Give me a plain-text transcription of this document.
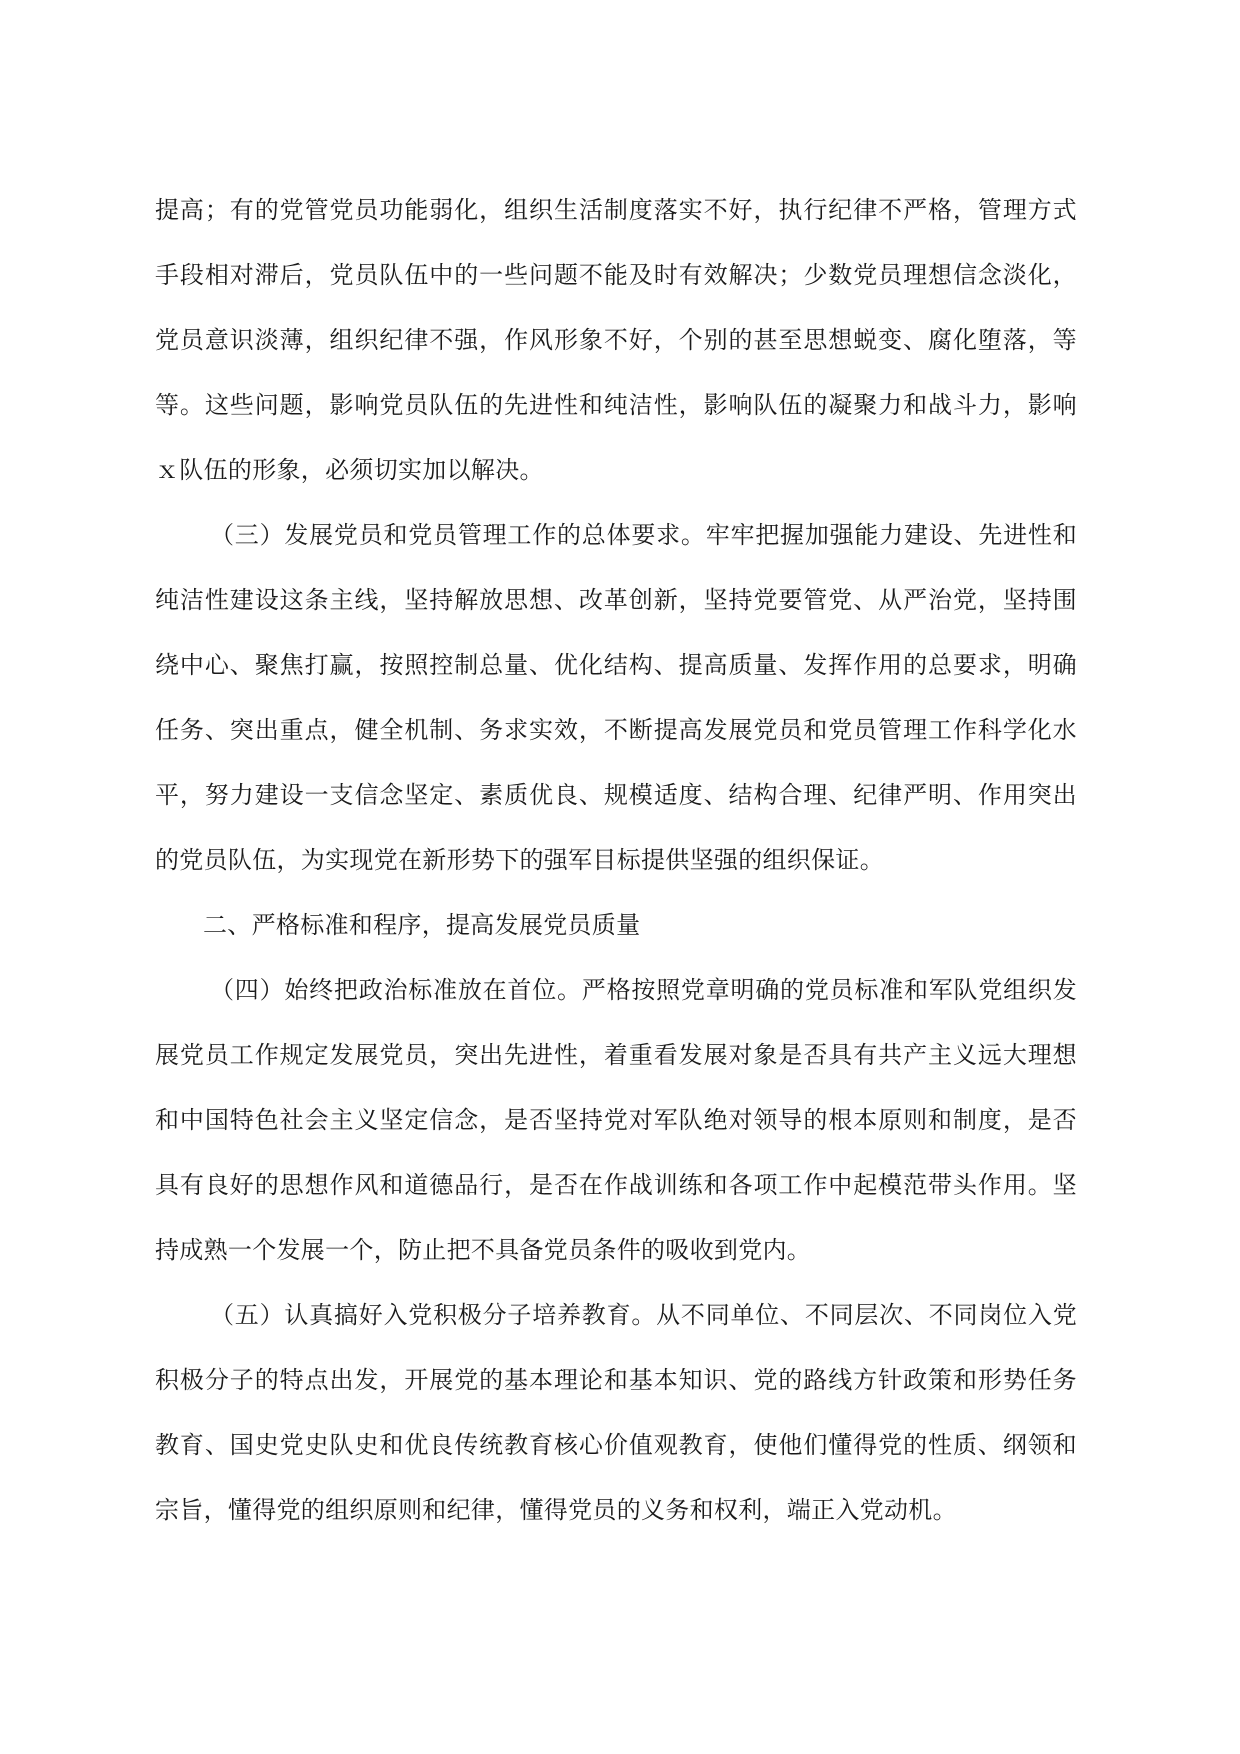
提高；有的党管党员功能弱化，组织生活制度落实不好，执行纪律不严格，管理方式手段相对滞后，党员队伍中的一些问题不能及时有效解决；少数党员理想信念淡化，党员意识淡薄，组织纪律不强，作风形象不好，个别的甚至思想蜕变、腐化堕落，等等。这些问题，影响党员队伍的先进性和纯洁性，影响队伍的凝聚力和战斗力，影响ｘ队伍的形象，必须切实加以解决。

（三）发展党员和党员管理工作的总体要求。牢牢把握加强能力建设、先进性和纯洁性建设这条主线，坚持解放思想、改革创新，坚持党要管党、从严治党，坚持围绕中心、聚焦打赢，按照控制总量、优化结构、提高质量、发挥作用的总要求，明确任务、突出重点，健全机制、务求实效，不断提高发展党员和党员管理工作科学化水平，努力建设一支信念坚定、素质优良、规模适度、结构合理、纪律严明、作用突出的党员队伍，为实现党在新形势下的强军目标提供坚强的组织保证。

二、严格标准和程序，提高发展党员质量

（四）始终把政治标准放在首位。严格按照党章明确的党员标准和军队党组织发展党员工作规定发展党员，突出先进性，着重看发展对象是否具有共产主义远大理想和中国特色社会主义坚定信念，是否坚持党对军队绝对领导的根本原则和制度，是否具有良好的思想作风和道德品行，是否在作战训练和各项工作中起模范带头作用。坚持成熟一个发展一个，防止把不具备党员条件的吸收到党内。

（五）认真搞好入党积极分子培养教育。从不同单位、不同层次、不同岗位入党积极分子的特点出发，开展党的基本理论和基本知识、党的路线方针政策和形势任务教育、国史党史队史和优良传统教育核心价值观教育，使他们懂得党的性质、纲领和宗旨，懂得党的组织原则和纪律，懂得党员的义务和权利，端正入党动机。
